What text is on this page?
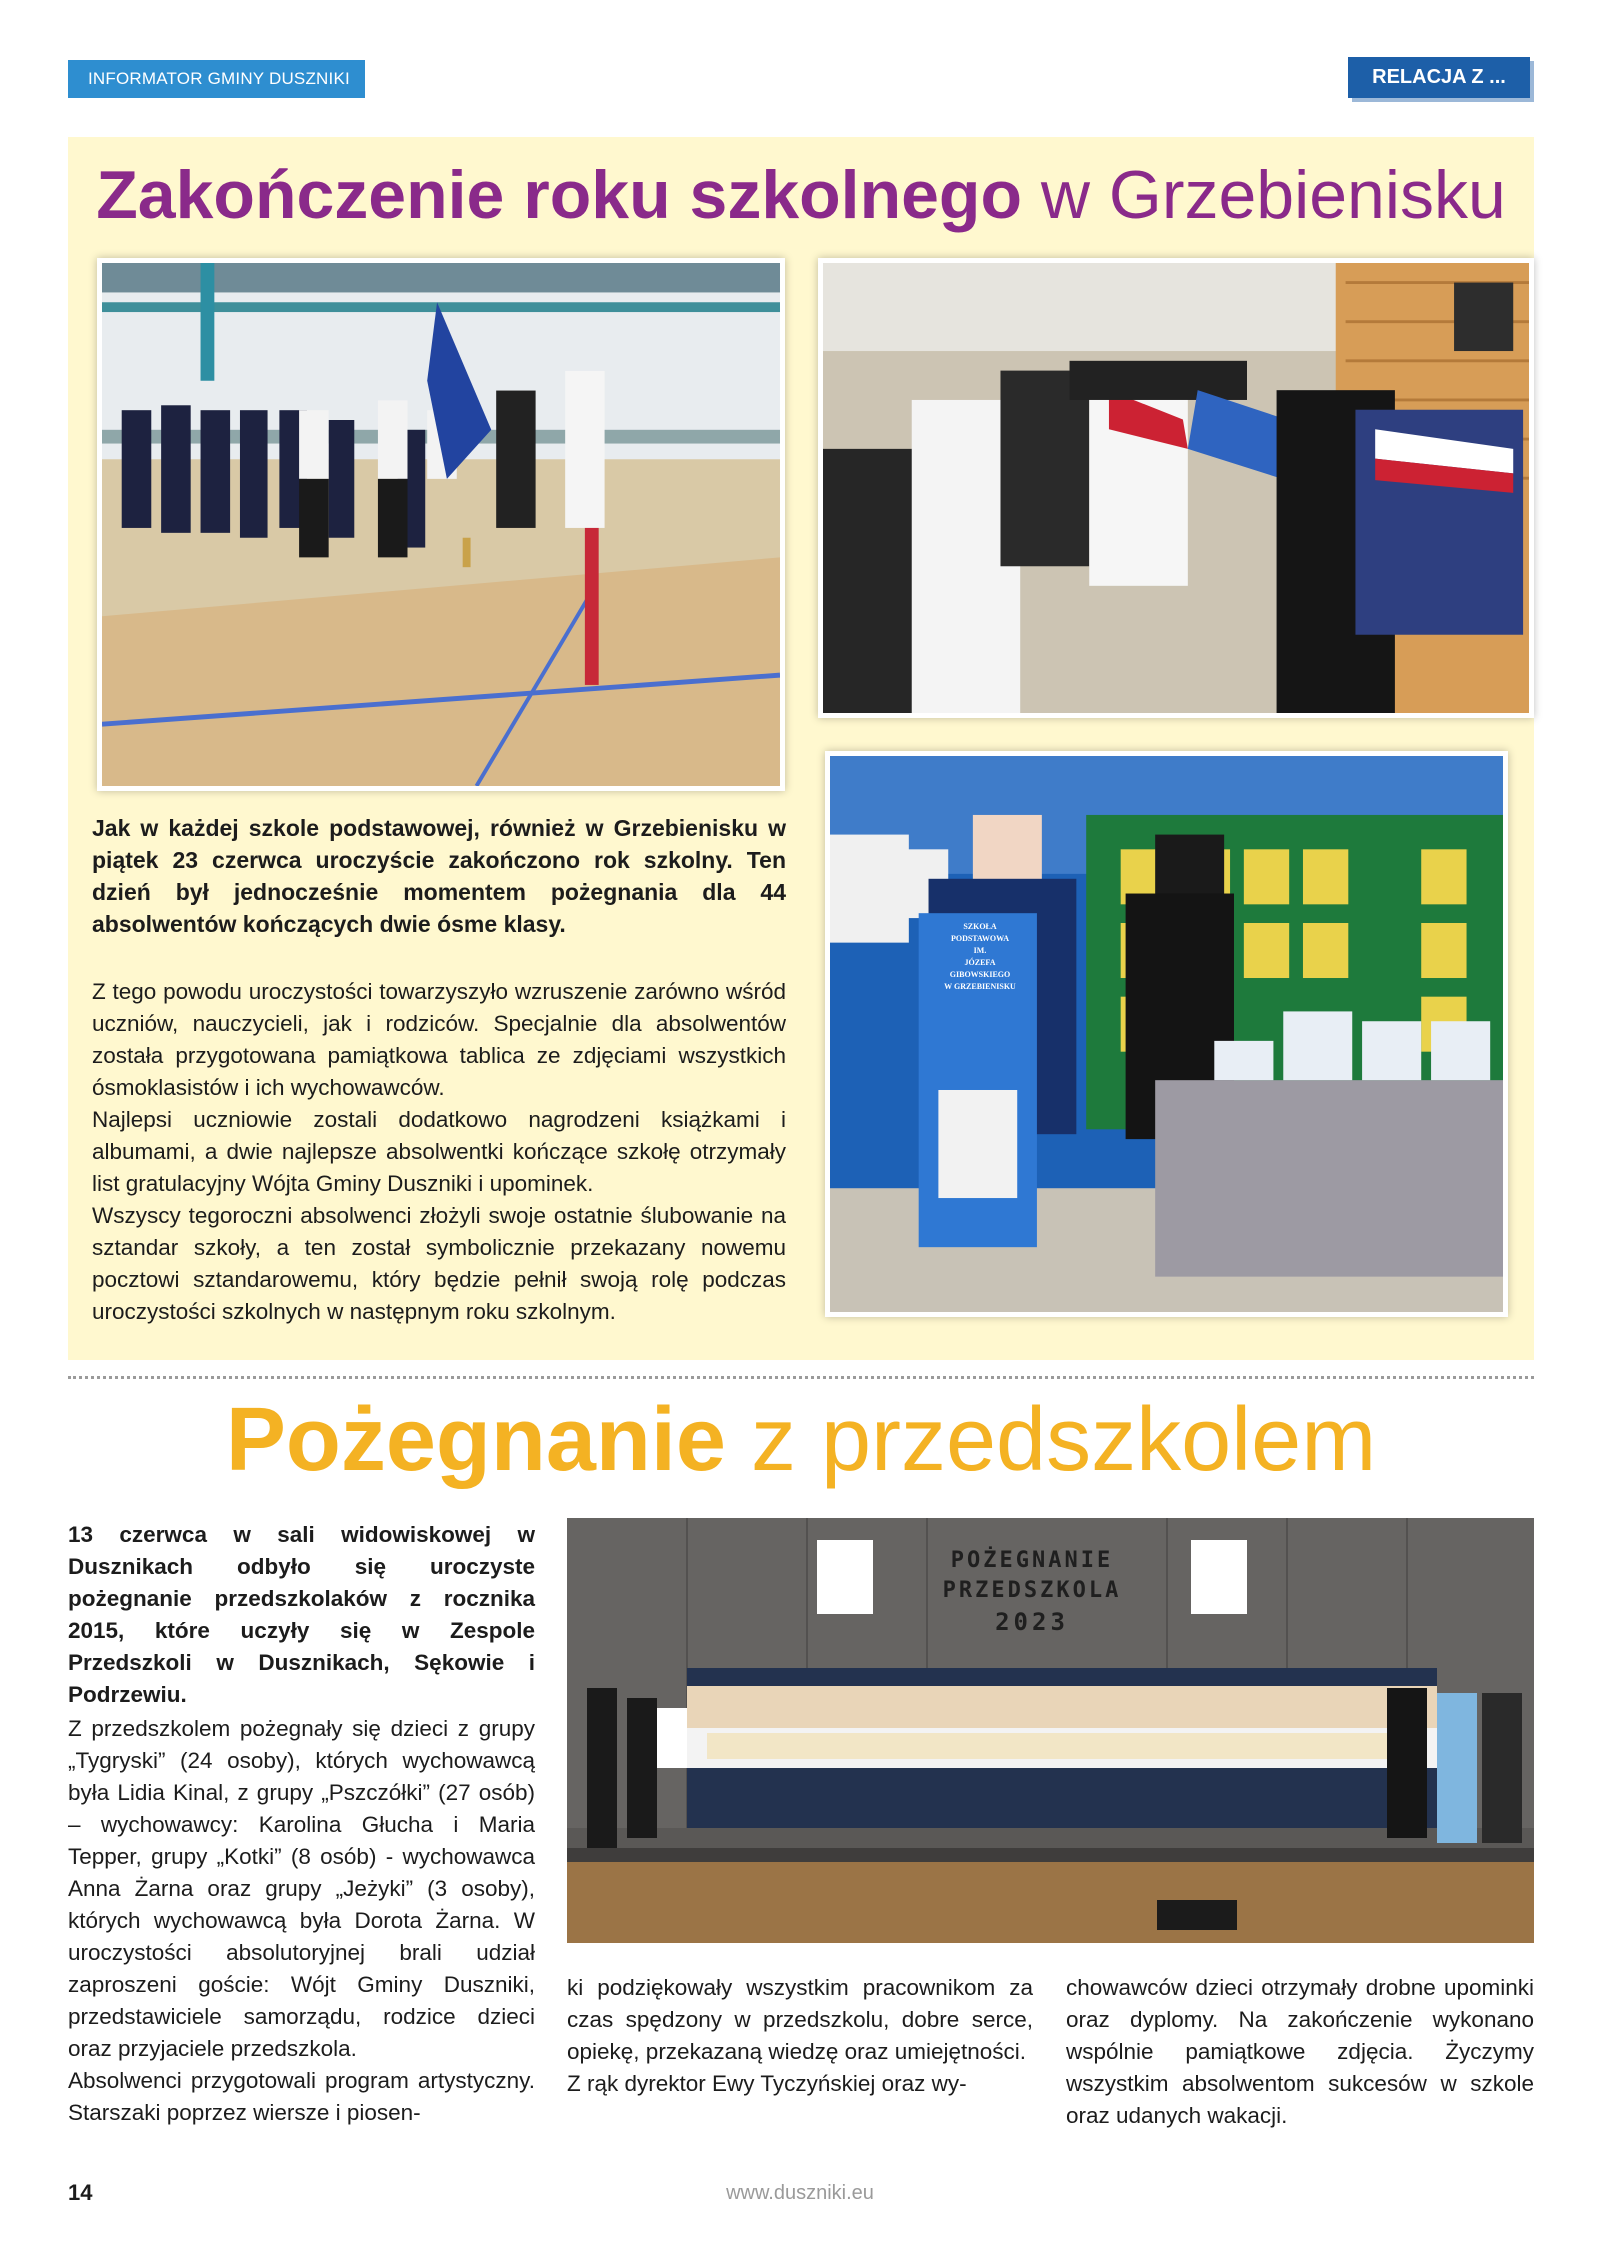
INFORMATOR GMINY DUSZNIKI	RELACJA Z ...
Zakończenie roku szkolnego w Grzebienisku
SZKOŁA
PODSTAWOWA
IM.
JÓZEFA
GIBOWSKIEGO
W GRZEBIENISKU
Jak w każdej szkole podstawowej, również w Grzebienisku w piątek 23 czerwca uroczyście zakończono rok szkolny. Ten dzień był jednocześnie momentem pożegnania dla 44 absolwentów kończących dwie ósme klasy.

Z tego powodu uroczystości towarzyszyło wzruszenie zarówno wśród uczniów, nauczycieli, jak i rodziców. Specjalnie dla absolwentów została przygotowana pamiątkowa tablica ze zdjęciami wszystkich ósmoklasistów i ich wychowawców.

Najlepsi uczniowie zostali dodatkowo nagrodzeni książkami i albumami, a dwie najlepsze absolwentki kończące szkołę otrzymały list gratulacyjny Wójta Gminy Duszniki i upominek.

Wszyscy tegoroczni absolwenci złożyli swoje ostatnie ślubowanie na sztandar szkoły, a ten został symbolicznie przekazany nowemu pocztowi sztandarowemu, który będzie pełnił swoją rolę podczas uroczystości szkolnych w następnym roku szkolnym.

Pożegnanie z przedszkolem
13 czerwca w sali widowiskowej w Dusznikach odbyło się uroczyste pożegnanie przedszkolaków z rocznika 2015, które uczyły się w Zespole Przedszkoli w Dusznikach, Sękowie i Podrzewiu.
POŻEGNANIE
PRZEDSZKOLA
2023

Z przedszkolem pożegnały się dzieci z grupy „Tygryski” (24 osoby), których wychowawcą była Lidia Kinal, z grupy „Pszczółki” (27 osób) – wychowawcy: Karolina Głucha i Maria Tepper, grupy „Kotki” (8 osób) - wychowawca Anna Żarna oraz grupy „Jeżyki” (3 osoby), których wychowawcą była Dorota Żarna. W uroczystości absolutoryjnej brali udział zaproszeni goście: Wójt Gminy Duszniki, przedstawiciele samorządu, rodzice dzieci oraz przyjaciele przedszkola.

Absolwenci przygotowali program artystyczny. Starszaki poprzez wiersze i piosen-

ki podziękowały wszystkim pracownikom za czas spędzony w przedszkolu, dobre serce, opiekę, przekazaną wiedzę oraz umiejętności.

Z rąk dyrektor Ewy Tyczyńskiej oraz wy-

chowawców dzieci otrzymały drobne upominki oraz dyplomy. Na zakończenie wykonano wspólnie pamiątkowe zdjęcia. Życzymy wszystkim absolwentom sukcesów w szkole oraz udanych wakacji.

14	www.duszniki.eu
